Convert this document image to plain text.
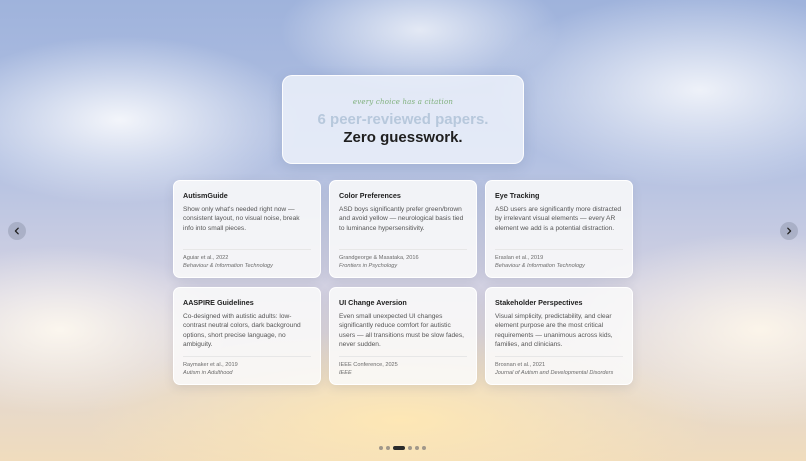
every choice has a citation
6 peer-reviewed papers.
Zero guesswork.
AutismGuide
Show only what's needed right now — consistent layout, no visual noise, break info into small pieces.
Aguiar et al., 2022
Behaviour & Information Technology
Color Preferences
ASD boys significantly prefer green/brown and avoid yellow — neurological basis tied to luminance hypersensitivity.
Grandgeorge & Masataka, 2016
Frontiers in Psychology
Eye Tracking
ASD users are significantly more distracted by irrelevant visual elements — every AR element we add is a potential distraction.
Eraslan et al., 2019
Behaviour & Information Technology
AASPIRE Guidelines
Co-designed with autistic adults: low-contrast neutral colors, dark background options, short precise language, no ambiguity.
Raymaker et al., 2019
Autism in Adulthood
UI Change Aversion
Even small unexpected UI changes significantly reduce comfort for autistic users — all transitions must be slow fades, never sudden.
IEEE Conference, 2025
IEEE
Stakeholder Perspectives
Visual simplicity, predictability, and clear element purpose are the most critical requirements — unanimous across kids, families, and clinicians.
Brosnan et al., 2021
Journal of Autism and Developmental Disorders
